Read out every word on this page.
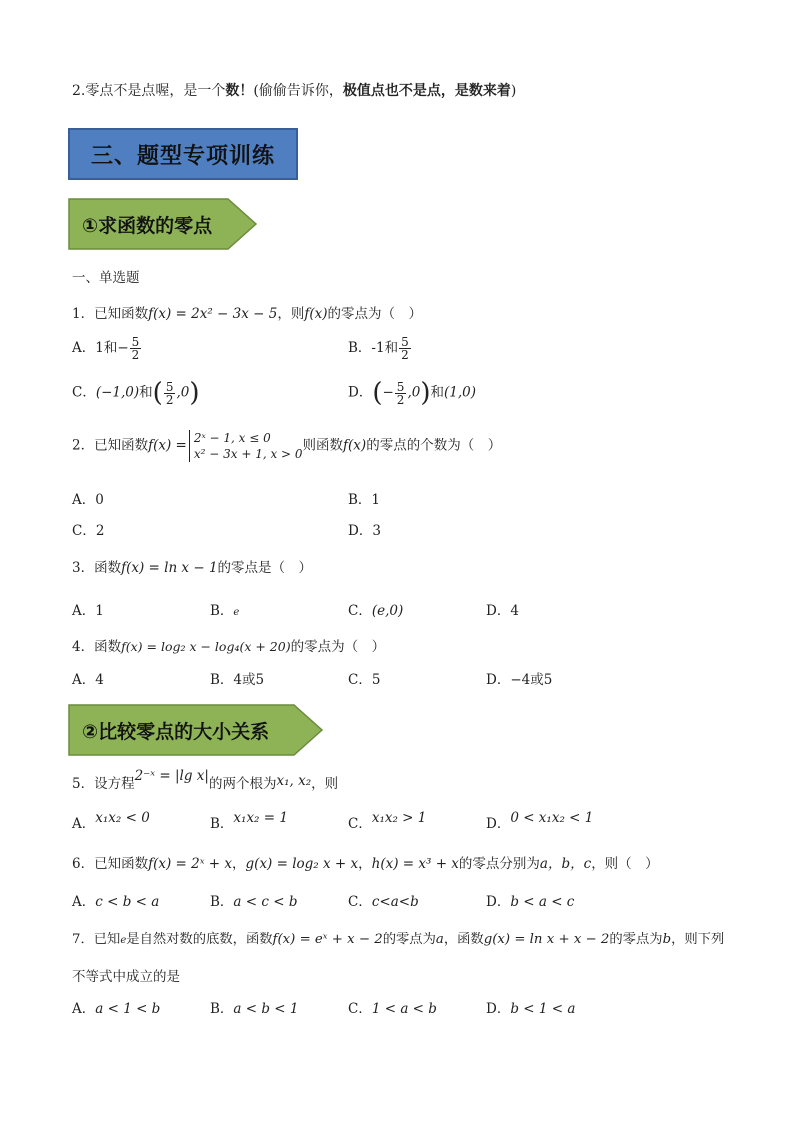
2.零点不是点喔，是一个数！(偷偷告诉你，极值点也不是点，是数来着)
三、题型专项训练
①求函数的零点
一、单选题
1．已知函数f(x) = 2x² − 3x − 5，则f(x)的零点为（　）
A．1和− $\frac{5}{2}$	B．-1和 $\frac{5}{2}$
C．(−1,0)和( $\frac{5}{2} ,0$)	D．(− $\frac{5}{2} ,0$)和(1,0)
2．已知函数f(x) = 2ˣ − 1, x ≤ 0
x² − 3x + 1, x > 0
则函数f(x)的零点的个数为（　）
A．0	B．1
C．2	D．3
3．函数f(x) = ln x − 1的零点是（　）
A．1	B．e	C．(e,0)	D．4
4．函数f(x) = log₂ x − log₄(x + 20)的零点为（　）
A．4	B．4或5	C．5	D．−4或5
②比较零点的大小关系
5．设方程2⁻ˣ = |lg x|的两个根为x₁, x₂，则
A．x₁x₂ < 0	B．x₁x₂ = 1	C．x₁x₂ > 1	D．0 < x₁x₂ < 1
6．已知函数f(x) = 2ˣ + x，g(x) = log₂ x + x，h(x) = x³ + x的零点分别为a，b，c，则（　）
A．c < b < a	B．a < c < b	C．c<a<b	D．b < a < c
7．已知e是自然对数的底数，函数f(x) = eˣ + x − 2的零点为a，函数g(x) = ln x + x − 2的零点为b，则下列
不等式中成立的是
A．a < 1 < b	B．a < b < 1	C．1 < a < b	D．b < 1 < a
